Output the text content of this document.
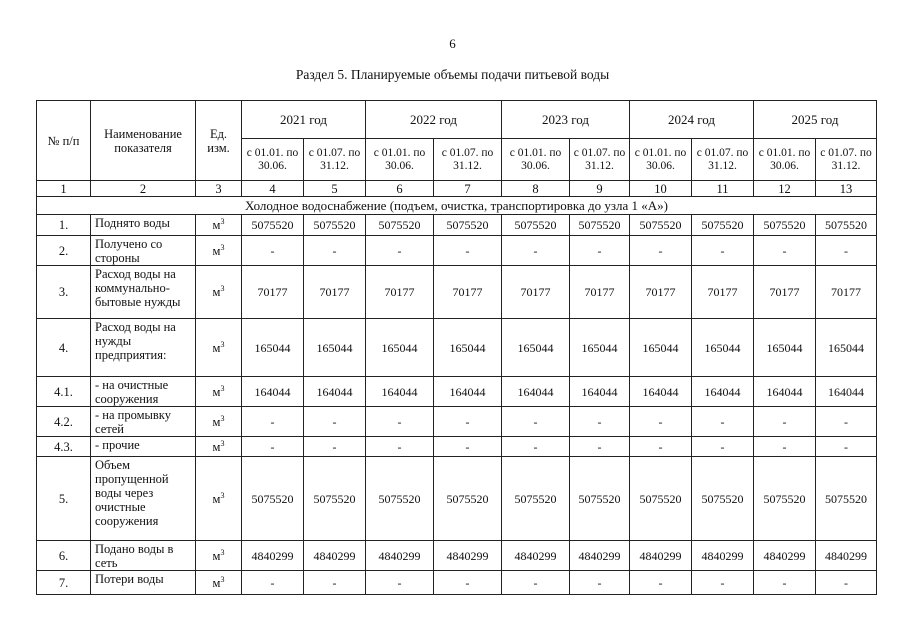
6
Раздел 5. Планируемые объемы подачи питьевой воды
№ п/п	Наименование показателя	Ед. изм.	2021 год		2022 год		2023 год		2024 год		2025 год	
			с 01.01. по 30.06.	с 01.07. по 31.12.	с 01.01. по 30.06.	с 01.07. по 31.12.	с 01.01. по 30.06.	с 01.07. по 31.12.	с 01.01. по 30.06.	с 01.07. по 31.12.	с 01.01. по 30.06.	с 01.07. по 31.12.
1	2	3	4	5	6	7	8	9	10	11	12	13
Холодное водоснабжение (подъем, очистка, транспортировка до узла 1 «А»)												
1.	Поднято воды	$м^3$	5075520	5075520	5075520	5075520	5075520	5075520	5075520	5075520	5075520	5075520
2.	Получено со стороны	$м^3$	-	-	-	-	-	-	-	-	-	-
3.	Расход воды на коммунально-бытовые нужды	$м^3$	70177	70177	70177	70177	70177	70177	70177	70177	70177	70177
4.	Расход воды на нужды предприятия:	$м^3$	165044	165044	165044	165044	165044	165044	165044	165044	165044	165044
4.1.	- на очистные сооружения	$м^3$	164044	164044	164044	164044	164044	164044	164044	164044	164044	164044
4.2.	- на промывку сетей	$м^3$	-	-	-	-	-	-	-	-	-	-
4.3.	- прочие	$м^3$	-	-	-	-	-	-	-	-	-	-
5.	Объем пропущенной воды через очистные сооружения	$м^3$	5075520	5075520	5075520	5075520	5075520	5075520	5075520	5075520	5075520	5075520
6.	Подано воды в сеть	$м^3$	4840299	4840299	4840299	4840299	4840299	4840299	4840299	4840299	4840299	4840299
7.	Потери воды	$м^3$	-	-	-	-	-	-	-	-	-	-
